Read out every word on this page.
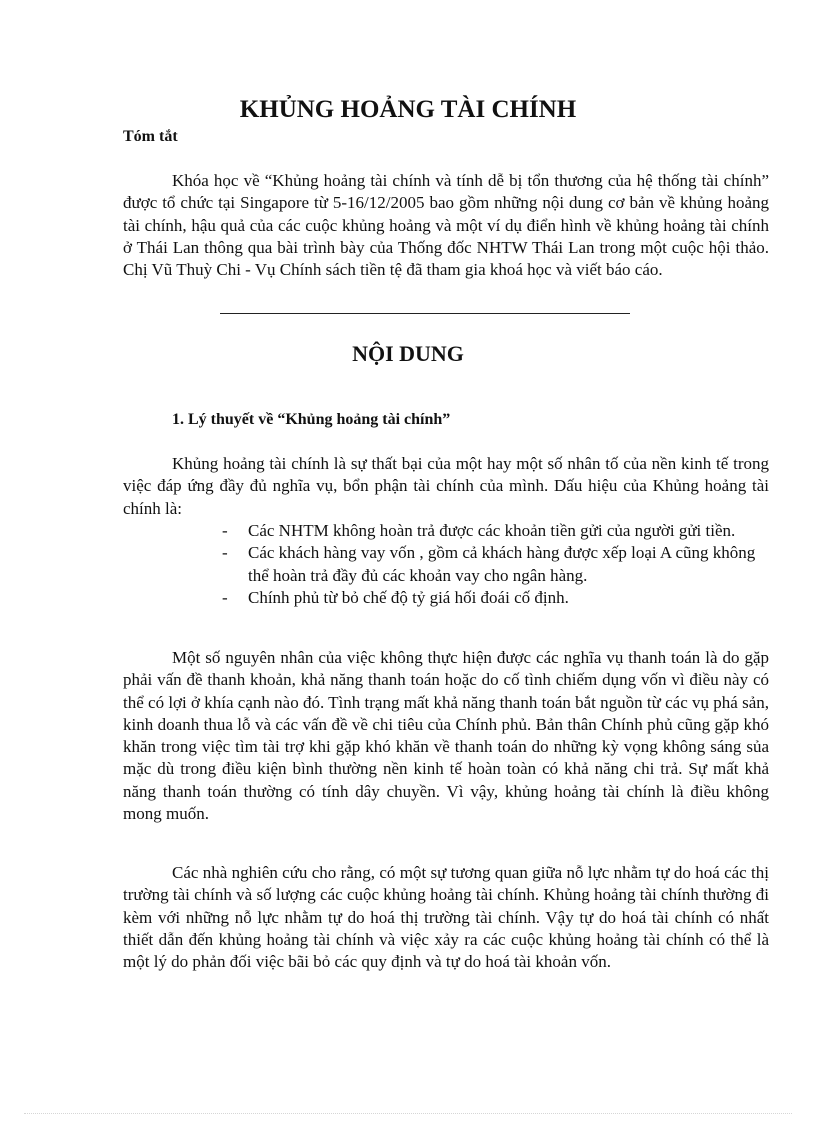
KHỦNG HOẢNG TÀI CHÍNH

Tóm tắt

Khóa học về “Khủng hoảng tài chính và tính dễ bị tổn thương của hệ thống tài chính” được tổ chức tại Singapore từ 5-16/12/2005 bao gồm những nội dung cơ bản về khủng hoảng tài chính, hậu quả của các cuộc khủng hoảng và một ví dụ điển hình về khủng hoảng tài chính ở Thái Lan thông qua bài trình bày của Thống đốc NHTW Thái Lan trong một cuộc hội thảo. Chị Vũ Thuỳ Chi - Vụ Chính sách tiền tệ đã tham gia khoá học và viết báo cáo.

NỘI DUNG

1. Lý thuyết về “Khủng hoảng tài chính”

Khủng hoảng tài chính là sự thất bại của một hay một số nhân tố của nền kinh tế trong việc đáp ứng đầy đủ nghĩa vụ, bổn phận tài chính của mình. Dấu hiệu của Khủng hoảng tài chính là:

- Các NHTM không hoàn trả được các khoản tiền gửi của người gửi tiền.
- Các khách hàng vay vốn , gồm cả khách hàng được xếp loại A cũng không thể hoàn trả đầy đủ các khoản vay cho ngân hàng.
- Chính phủ từ bỏ chế độ tỷ giá hối đoái cố định.

Một số nguyên nhân của việc không thực hiện được các nghĩa vụ thanh toán là do gặp phải vấn đề thanh khoản, khả năng thanh toán hoặc do cố tình chiếm dụng vốn vì điều này có thể có lợi ở khía cạnh nào đó. Tình trạng mất khả năng thanh toán bắt nguồn từ các vụ phá sản, kinh doanh thua lỗ và các vấn đề về chi tiêu của Chính phủ. Bản thân Chính phủ cũng gặp khó khăn trong việc tìm tài trợ khi gặp khó khăn về thanh toán do những kỳ vọng không sáng sủa mặc dù trong điều kiện bình thường nền kinh tế hoàn toàn có khả năng chi trả. Sự mất khả năng thanh toán thường có tính dây chuyền. Vì vậy, khủng hoảng tài chính là điều không mong muốn.

Các nhà nghiên cứu cho rằng, có một sự tương quan giữa nỗ lực nhằm tự do hoá các thị trường tài chính và số lượng các cuộc khủng hoảng tài chính. Khủng hoảng tài chính thường đi kèm với những nỗ lực nhằm tự do hoá thị trường tài chính. Vậy tự do hoá tài chính có nhất thiết dẫn đến khủng hoảng tài chính và việc xảy ra các cuộc khủng hoảng tài chính có thể là một lý do phản đối việc bãi bỏ các quy định và tự do hoá tài khoản vốn.
